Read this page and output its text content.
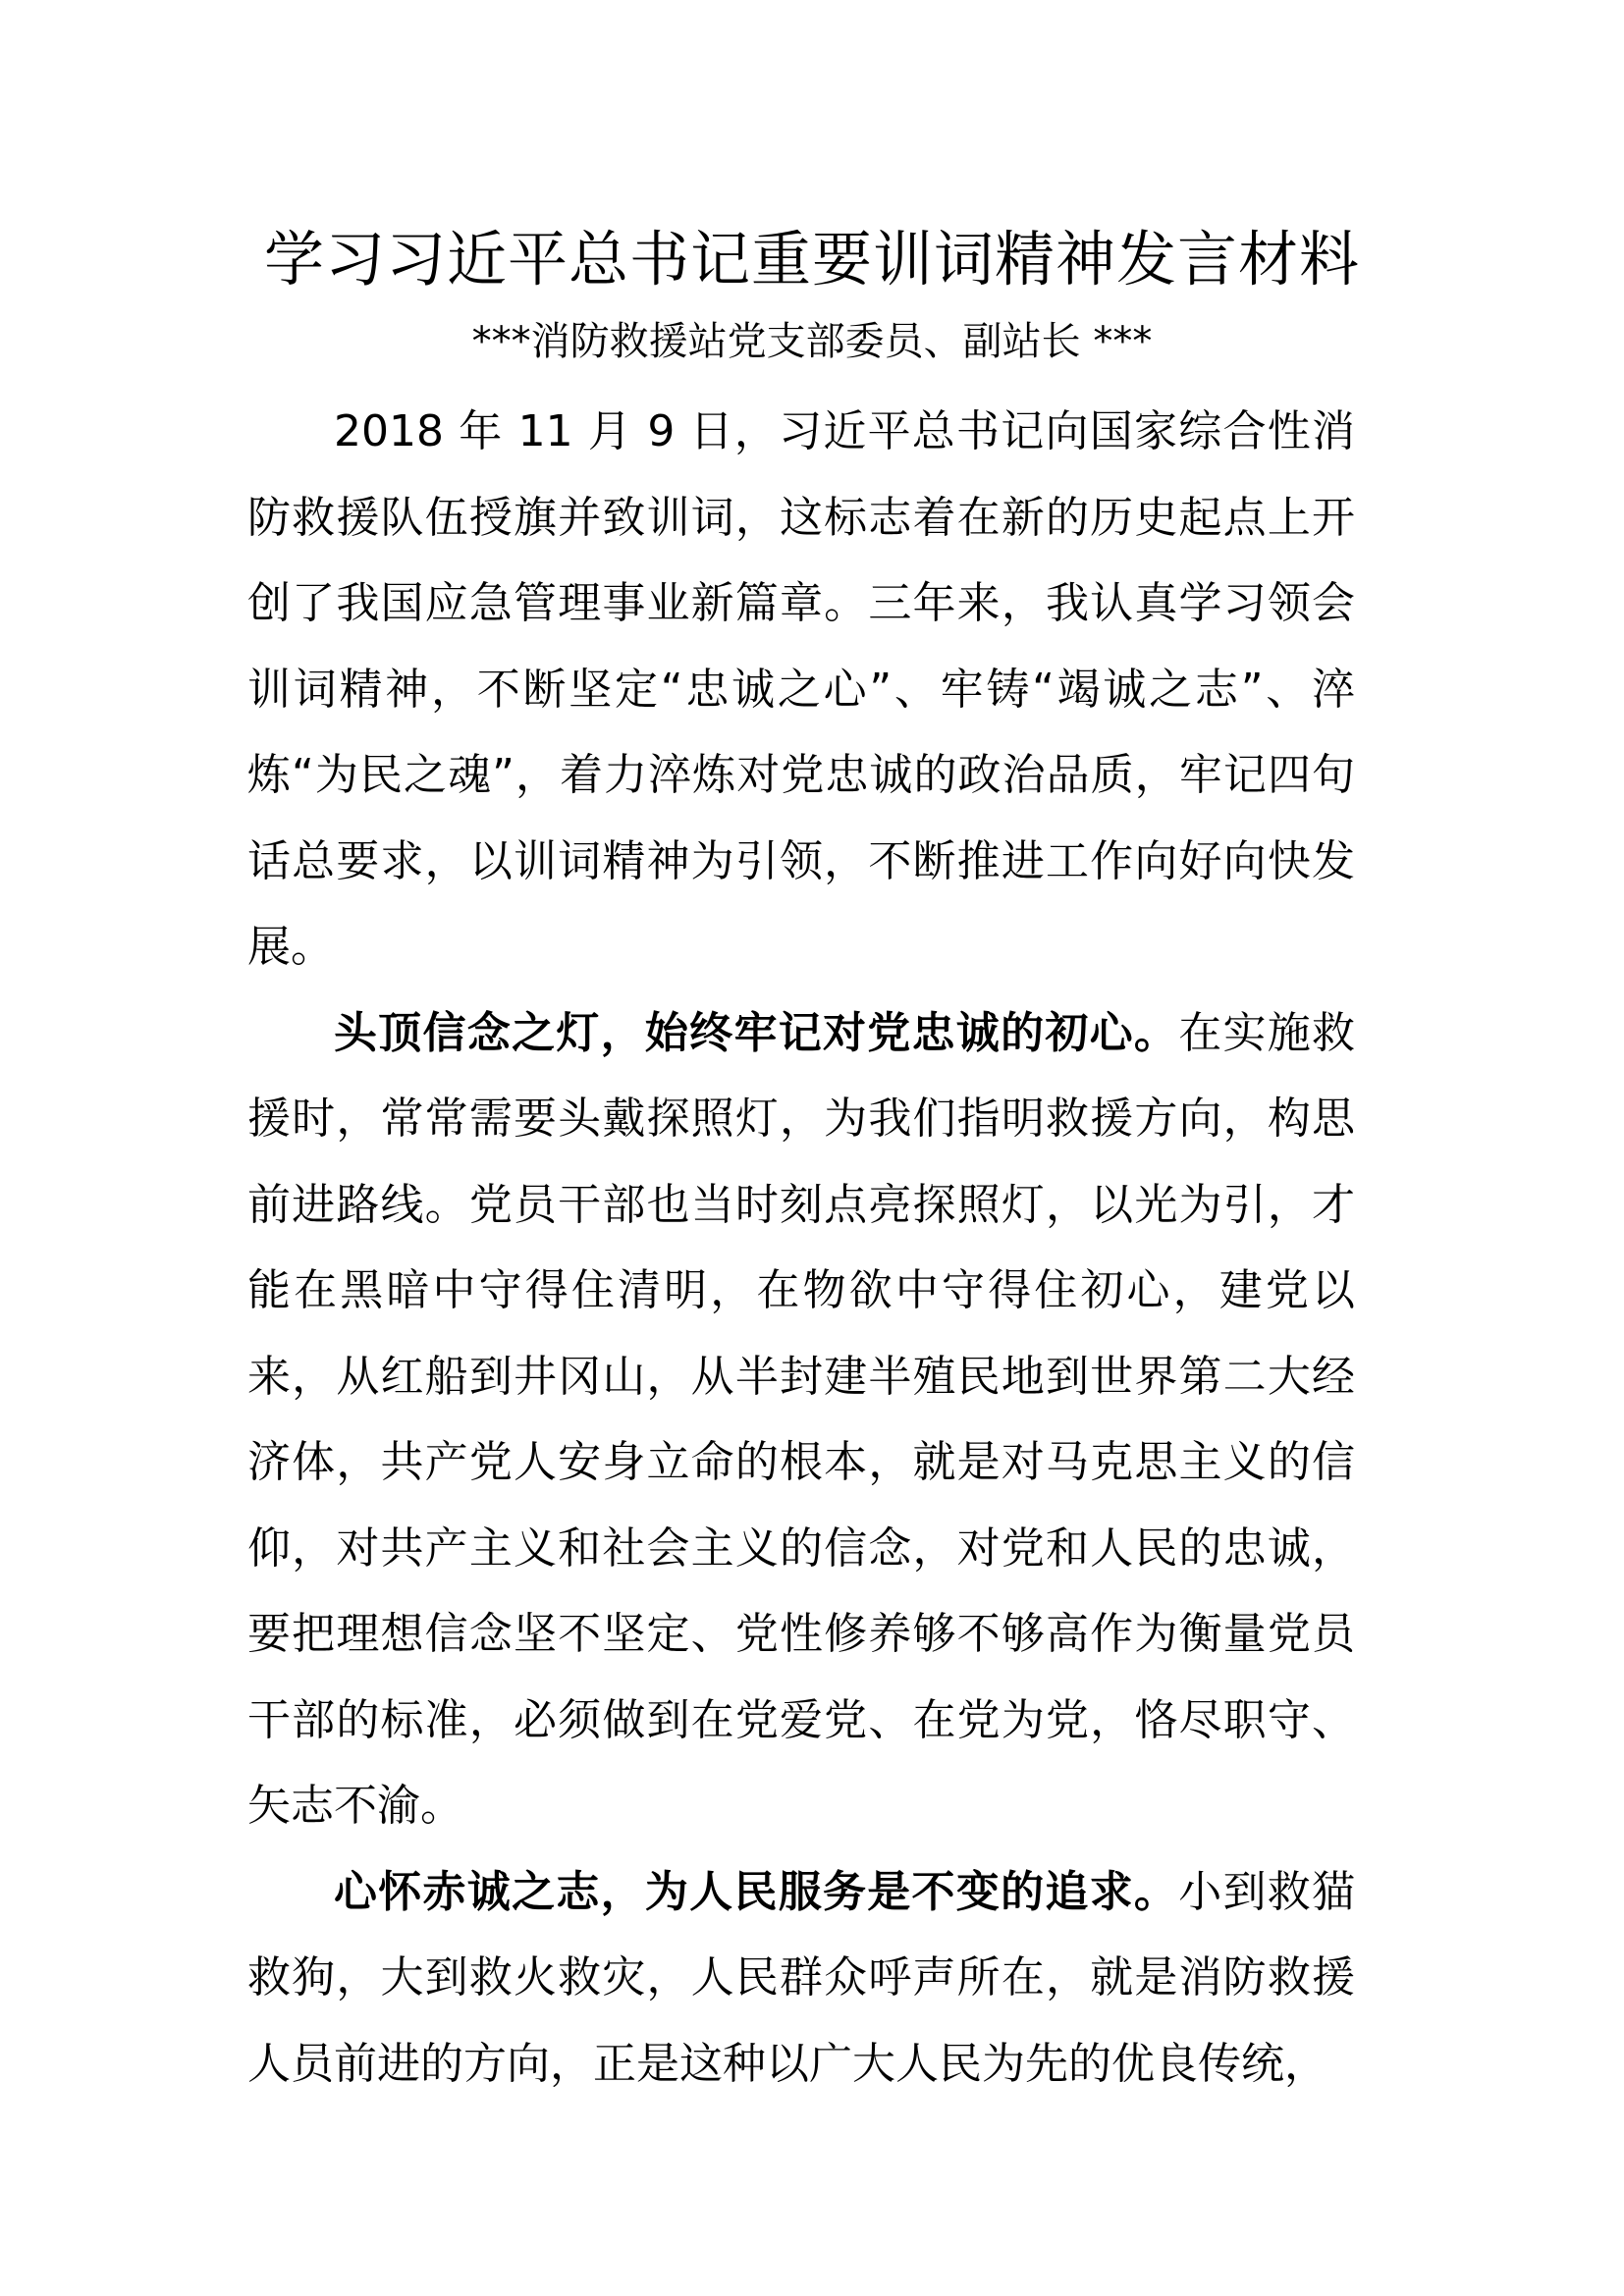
学习习近平总书记重要训词精神发言材料

***消防救援站党支部委员、副站长 ***

2018 年 11 月 9 日，习近平总书记向国家综合性消防救援队伍授旗并致训词，这标志着在新的历史起点上开创了我国应急管理事业新篇章。三年来，我认真学习领会训词精神，不断坚定“忠诚之心”、牢铸“竭诚之志”、淬炼“为民之魂”，着力淬炼对党忠诚的政治品质，牢记四句话总要求，以训词精神为引领，不断推进工作向好向快发展。

头顶信念之灯，始终牢记对党忠诚的初心。在实施救援时，常常需要头戴探照灯，为我们指明救援方向，构思前进路线。党员干部也当时刻点亮探照灯，以光为引，才能在黑暗中守得住清明，在物欲中守得住初心，建党以来，从红船到井冈山，从半封建半殖民地到世界第二大经济体，共产党人安身立命的根本，就是对马克思主义的信仰，对共产主义和社会主义的信念，对党和人民的忠诚，要把理想信念坚不坚定、党性修养够不够高作为衡量党员干部的标准，必须做到在党爱党、在党为党，恪尽职守、矢志不渝。

心怀赤诚之志，为人民服务是不变的追求。小到救猫救狗，大到救火救灾，人民群众呼声所在，就是消防救援人员前进的方向，正是这种以广大人民为先的优良传统，
